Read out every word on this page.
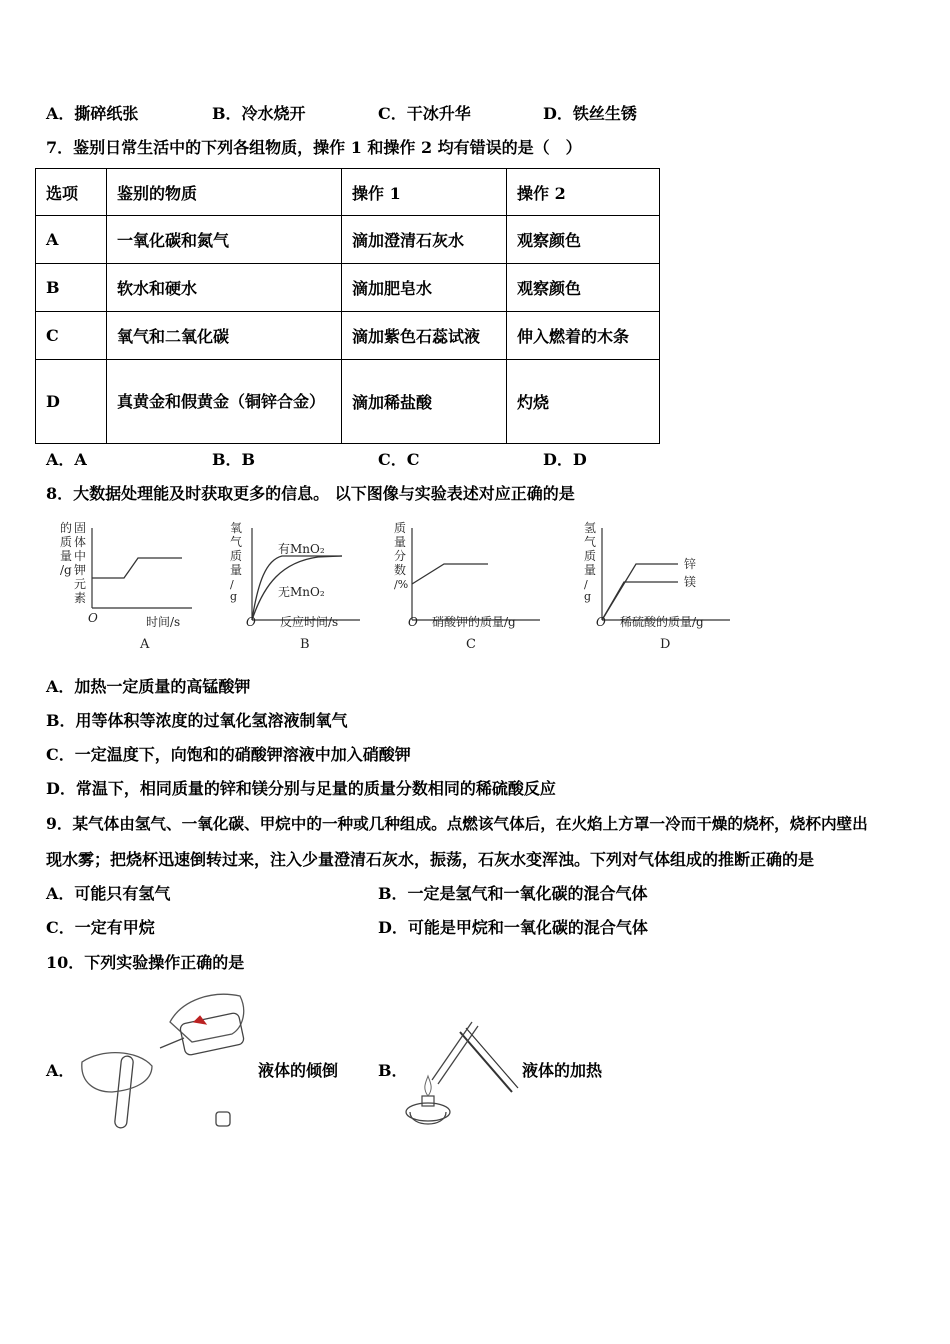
A．撕碎纸张	B．冷水烧开	C．干冰升华	D．铁丝生锈
7．鉴别日常生活中的下列各组物质，操作 1 和操作 2 均有错误的是（　）
选项	鉴别的物质	操作 1	操作 2
A	一氧化碳和氮气	滴加澄清石灰水	观察颜色
B	软水和硬水	滴加肥皂水	观察颜色
C	氧气和二氧化碳	滴加紫色石蕊试液	伸入燃着的木条
D	真黄金和假黄金（铜锌合金）	滴加稀盐酸	灼烧
A．A	B．B	C．C	D．D
8．大数据处理能及时获取更多的信息。 以下图像与实验表述对应正确的是
的
质
量
/g
固
体
中
钾
元
素
O	时间/s
A
氧
气
质
量
/
g
有MnO₂
无MnO₂
O 反应时间/s
B
质
量
分
数
/%
O 硝酸钾的质量/g
C
氢
气
质
量
/
g
锌
镁
O 稀硫酸的质量/g
D
A．加热一定质量的高锰酸钾
B．用等体积等浓度的过氧化氢溶液制氧气
C．一定温度下，向饱和的硝酸钾溶液中加入硝酸钾
D．常温下，相同质量的锌和镁分别与足量的质量分数相同的稀硫酸反应
9．某气体由氢气、一氧化碳、甲烷中的一种或几种组成。点燃该气体后，在火焰上方罩一冷而干燥的烧杯，烧杯内壁出
现水雾；把烧杯迅速倒转过来，注入少量澄清石灰水，振荡，石灰水变浑浊。下列对气体组成的推断正确的是
A．可能只有氢气	B．一定是氢气和一氧化碳的混合气体
C．一定有甲烷	D．可能是甲烷和一氧化碳的混合气体
10．下列实验操作正确的是
A．	液体的倾倒 B．	液体的加热
